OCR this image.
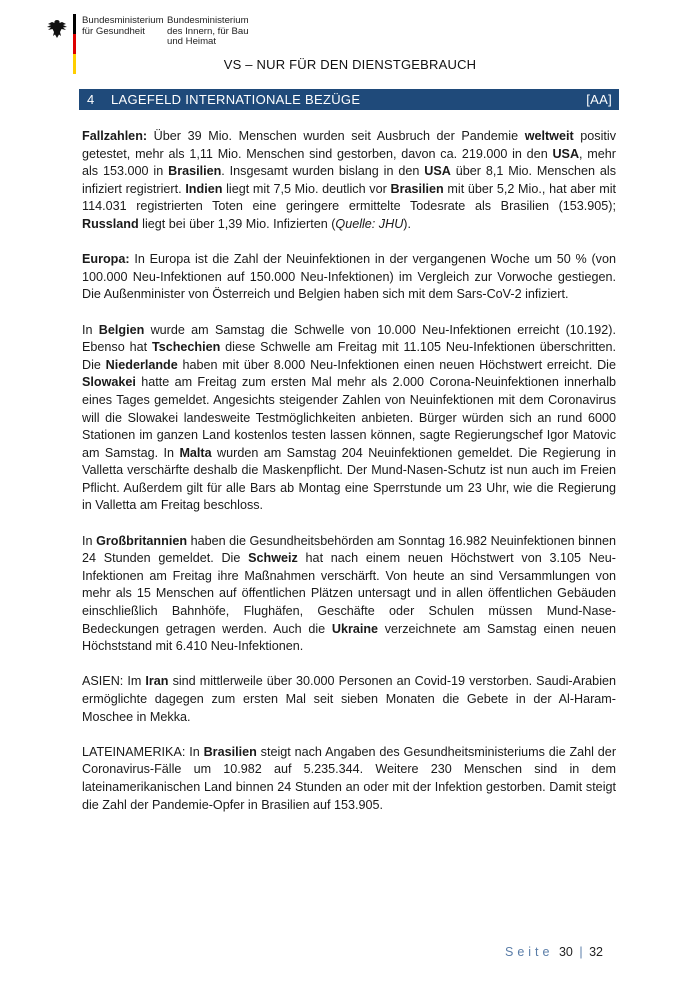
Bundesministerium
für Gesundheit
Bundesministerium
des Innern, für Bau
und Heimat
VS – NUR FÜR DEN DIENSTGEBRAUCH
4	LAGEFELD INTERNATIONALE BEZÜGE	[AA]

Fallzahlen: Über 39 Mio. Menschen wurden seit Ausbruch der Pandemie weltweit positiv getestet, mehr als 1,11 Mio. Menschen sind gestorben, davon ca. 219.000 in den USA, mehr als 153.000 in Brasilien. Insgesamt wurden bislang in den USA über 8,1 Mio. Menschen als infiziert registriert. Indien liegt mit 7,5 Mio. deutlich vor Brasilien mit über 5,2 Mio., hat aber mit 114.031 registrierten Toten eine geringere ermittelte Todesrate als Brasilien (153.905); Russland liegt bei über 1,39 Mio. Infizierten (Quelle: JHU).

Europa: In Europa ist die Zahl der Neuinfektionen in der vergangenen Woche um 50 % (von 100.000 Neu-Infektionen auf 150.000 Neu-Infektionen) im Vergleich zur Vorwoche gestiegen. Die Außenminister von Österreich und Belgien haben sich mit dem Sars-CoV-2 infiziert.

In Belgien wurde am Samstag die Schwelle von 10.000 Neu-Infektionen erreicht (10.192). Ebenso hat Tschechien diese Schwelle am Freitag mit 11.105 Neu-Infektionen überschritten. Die Niederlande haben mit über 8.000 Neu-Infektionen einen neuen Höchstwert erreicht. Die Slowakei hatte am Freitag zum ersten Mal mehr als 2.000 Corona-Neuinfektionen innerhalb eines Tages gemeldet. Angesichts steigender Zahlen von Neuinfektionen mit dem Coronavirus will die Slowakei landesweite Testmöglichkeiten anbieten. Bürger würden sich an rund 6000 Stationen im ganzen Land kostenlos testen lassen können, sagte Regierungschef Igor Matovic am Samstag. In Malta wurden am Samstag 204 Neuinfektionen gemeldet. Die Regierung in Valletta verschärfte deshalb die Maskenpflicht. Der Mund-Nasen-Schutz ist nun auch im Freien Pflicht. Außerdem gilt für alle Bars ab Montag eine Sperrstunde um 23 Uhr, wie die Regierung in Valletta am Freitag beschloss.

In Großbritannien haben die Gesundheitsbehörden am Sonntag 16.982 Neuinfektionen binnen 24 Stunden gemeldet. Die Schweiz hat nach einem neuen Höchstwert von 3.105 Neu-Infektionen am Freitag ihre Maßnahmen verschärft. Von heute an sind Versammlungen von mehr als 15 Menschen auf öffentlichen Plätzen untersagt und in allen öffentlichen Gebäuden einschließlich Bahnhöfe, Flughäfen, Geschäfte oder Schulen müssen Mund-Nase-Bedeckungen getragen werden. Auch die Ukraine verzeichnete am Samstag einen neuen Höchststand mit 6.410 Neu-Infektionen.

ASIEN: Im Iran sind mittlerweile über 30.000 Personen an Covid-19 verstorben. Saudi-Arabien ermöglichte dagegen zum ersten Mal seit sieben Monaten die Gebete in der Al-Haram-Moschee in Mekka.

LATEINAMERIKA: In Brasilien steigt nach Angaben des Gesundheitsministeriums die Zahl der Coronavirus-Fälle um 10.982 auf 5.235.344. Weitere 230 Menschen sind in dem lateinamerikanischen Land binnen 24 Stunden an oder mit der Infektion gestorben. Damit steigt die Zahl der Pandemie-Opfer in Brasilien auf 153.905.

Seite 30 | 32
